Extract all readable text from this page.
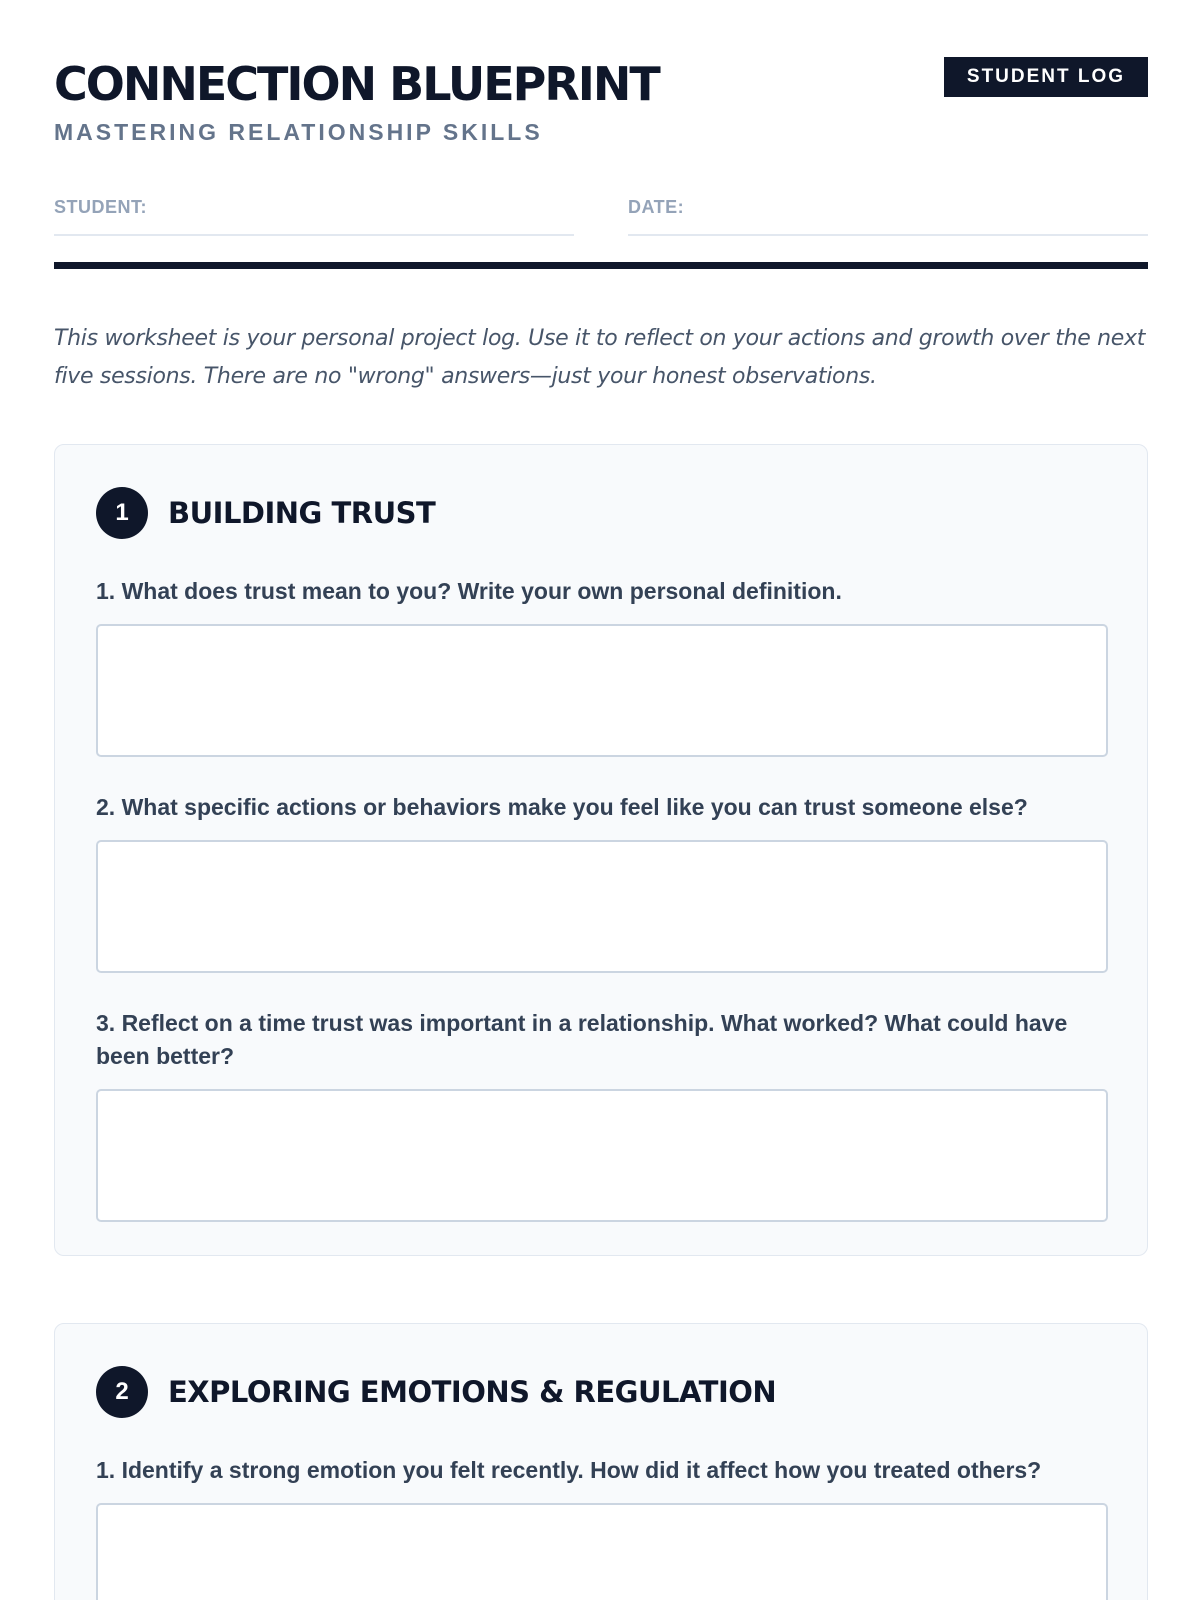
CONNECTION BLUEPRINT
MASTERING RELATIONSHIP SKILLS
STUDENT LOG
STUDENT:	DATE:

This worksheet is your personal project log. Use it to reflect on your actions and growth over the next five sessions. There are no "wrong" answers—just your honest observations.

1	BUILDING TRUST
1. What does trust mean to you? Write your own personal definition.
2. What specific actions or behaviors make you feel like you can trust someone else?
3. Reflect on a time trust was important in a relationship. What worked? What could have been better?
2	EXPLORING EMOTIONS & REGULATION
1. Identify a strong emotion you felt recently. How did it affect how you treated others?
